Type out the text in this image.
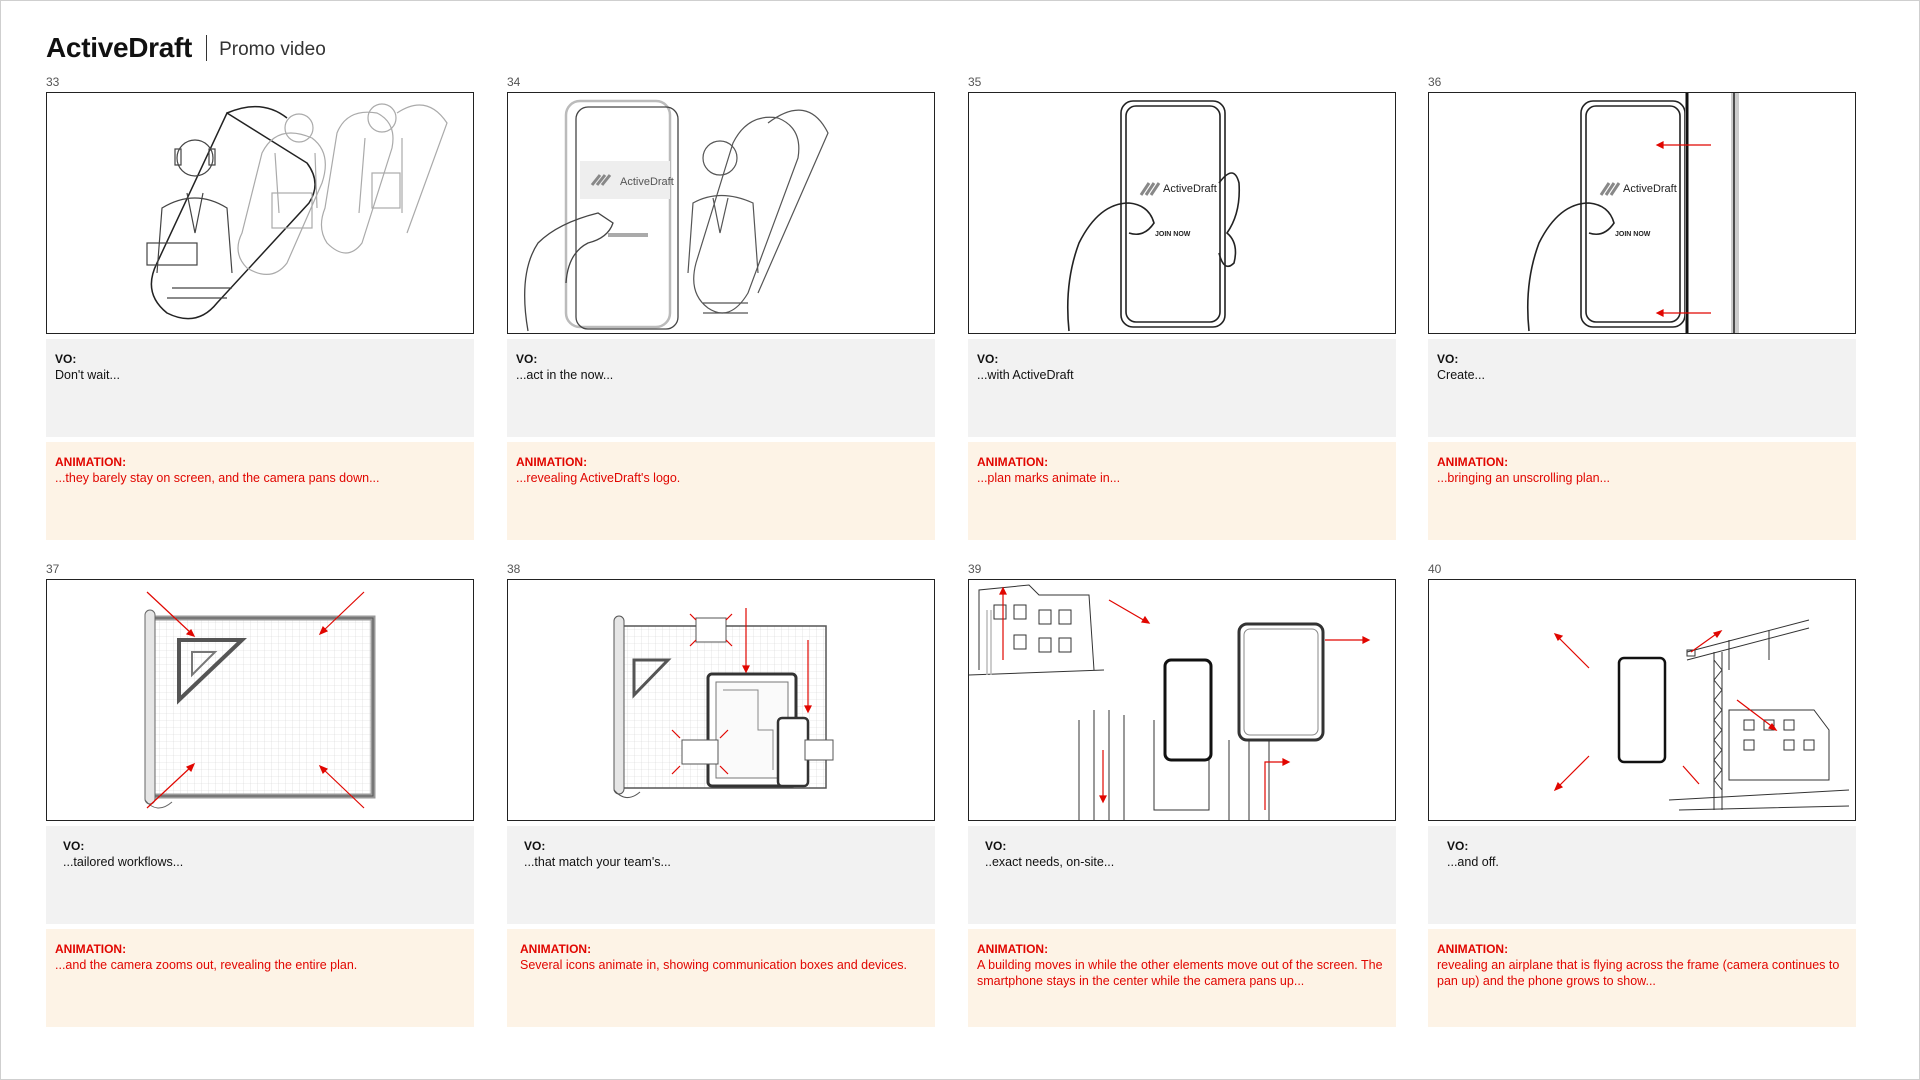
ActiveDraft Promo video
33
VO:
Don't wait...
ANIMATION:
...they barely stay on screen, and the camera pans down...
34
ActiveDraft
VO:
...act in the now...
ANIMATION:
...revealing ActiveDraft's logo.
35
ActiveDraft
JOIN NOW
VO:
...with ActiveDraft
ANIMATION:
...plan marks animate in...
36
ActiveDraft
JOIN NOW
VO:
Create...
ANIMATION:
...bringing an unscrolling plan...
37
VO:
...tailored workflows...
ANIMATION:
...and the camera zooms out, revealing the entire plan.
38
VO:
...that match your team's...
ANIMATION:
Several icons animate in, showing communication boxes and devices.
39
VO:
..exact needs, on-site...
ANIMATION:
A building moves in while the other elements move out of the screen. The smartphone stays in the center while the camera pans up...
40
VO:
...and off.
ANIMATION:
revealing an airplane that is flying across the frame (camera continues to pan up) and the phone grows to show...
